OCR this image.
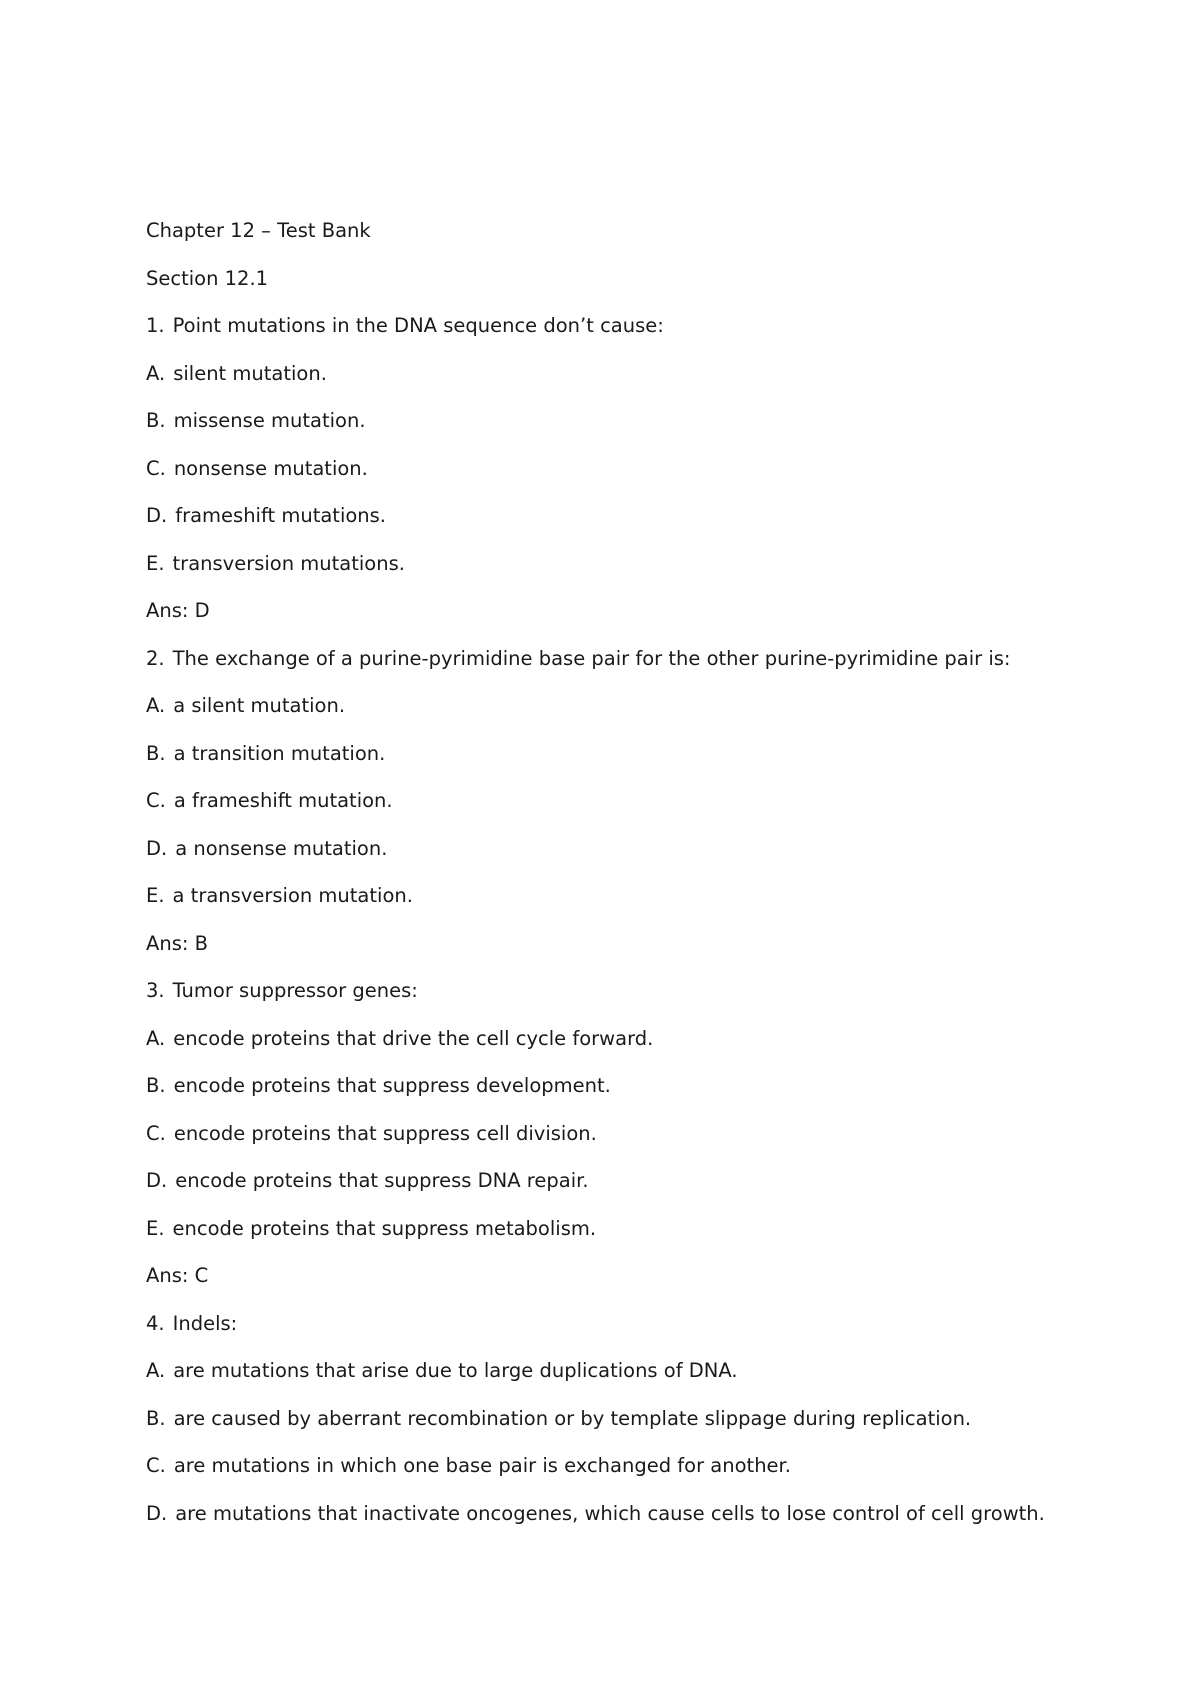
Chapter 12 – Test Bank
Section 12.1
1. Point mutations in the DNA sequence don’t cause:
A. silent mutation.
B. missense mutation.
C. nonsense mutation.
D. frameshift mutations.
E. transversion mutations.
Ans: D
2. The exchange of a purine-pyrimidine base pair for the other purine-pyrimidine pair is:
A. a silent mutation.
B. a transition mutation.
C. a frameshift mutation.
D. a nonsense mutation.
E. a transversion mutation.
Ans: B
3. Tumor suppressor genes:
A. encode proteins that drive the cell cycle forward.
B. encode proteins that suppress development.
C. encode proteins that suppress cell division.
D. encode proteins that suppress DNA repair.
E. encode proteins that suppress metabolism.
Ans: C
4. Indels:
A. are mutations that arise due to large duplications of DNA.
B. are caused by aberrant recombination or by template slippage during replication.
C. are mutations in which one base pair is exchanged for another.
D. are mutations that inactivate oncogenes, which cause cells to lose control of cell growth.
